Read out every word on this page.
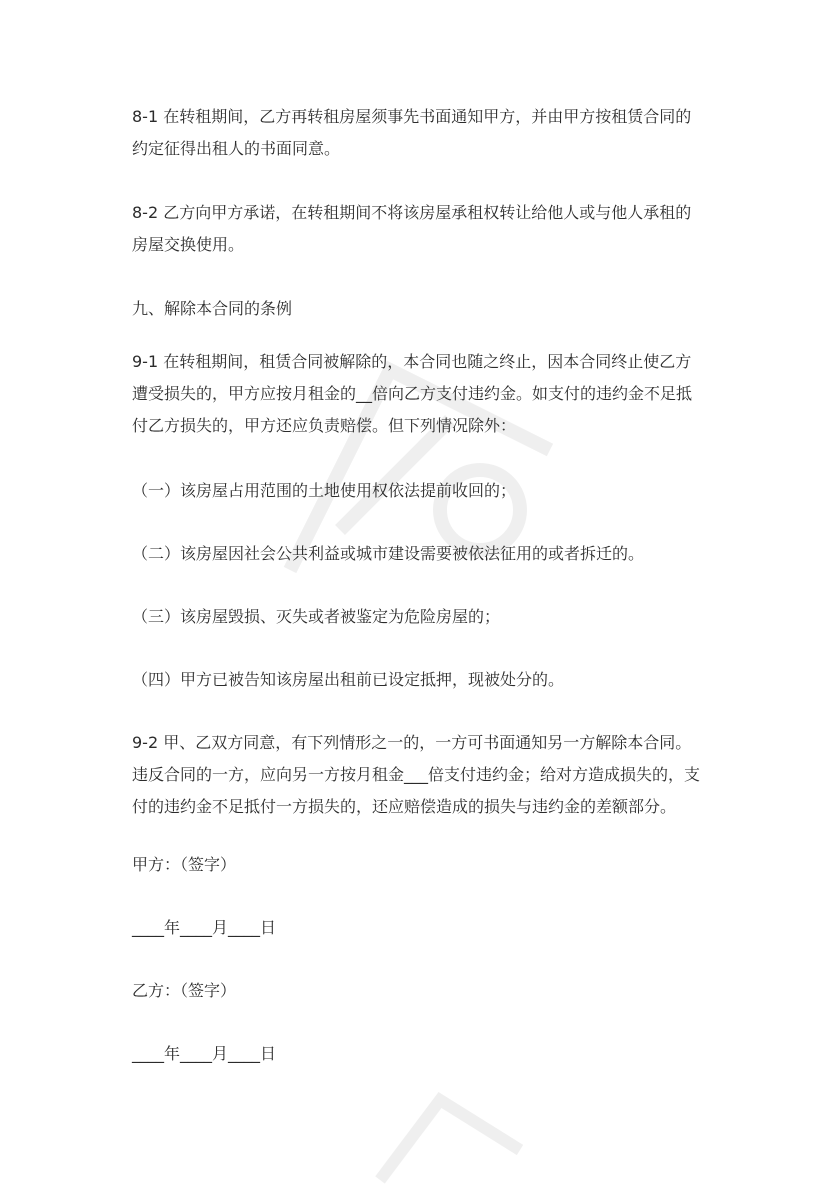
8-1 在转租期间，乙方再转租房屋须事先书面通知甲方，并由甲方按租赁合同的约定征得出租人的书面同意。

8-2 乙方向甲方承诺，在转租期间不将该房屋承租权转让给他人或与他人承租的房屋交换使用。

九、解除本合同的条例

9-1 在转租期间，租赁合同被解除的，本合同也随之终止，因本合同终止使乙方遭受损失的，甲方应按月租金的__倍向乙方支付违约金。如支付的违约金不足抵付乙方损失的，甲方还应负责赔偿。但下列情况除外：

（一）该房屋占用范围的土地使用权依法提前收回的；

（二）该房屋因社会公共利益或城市建设需要被依法征用的或者拆迁的。

（三）该房屋毁损、灭失或者被鉴定为危险房屋的；

（四）甲方已被告知该房屋出租前已设定抵押，现被处分的。

9-2 甲、乙双方同意，有下列情形之一的，一方可书面通知另一方解除本合同。违反合同的一方，应向另一方按月租金___倍支付违约金；给对方造成损失的，支付的违约金不足抵付一方损失的，还应赔偿造成的损失与违约金的差额部分。

甲方：（签字）

____年____月____日

乙方：（签字）

____年____月____日
